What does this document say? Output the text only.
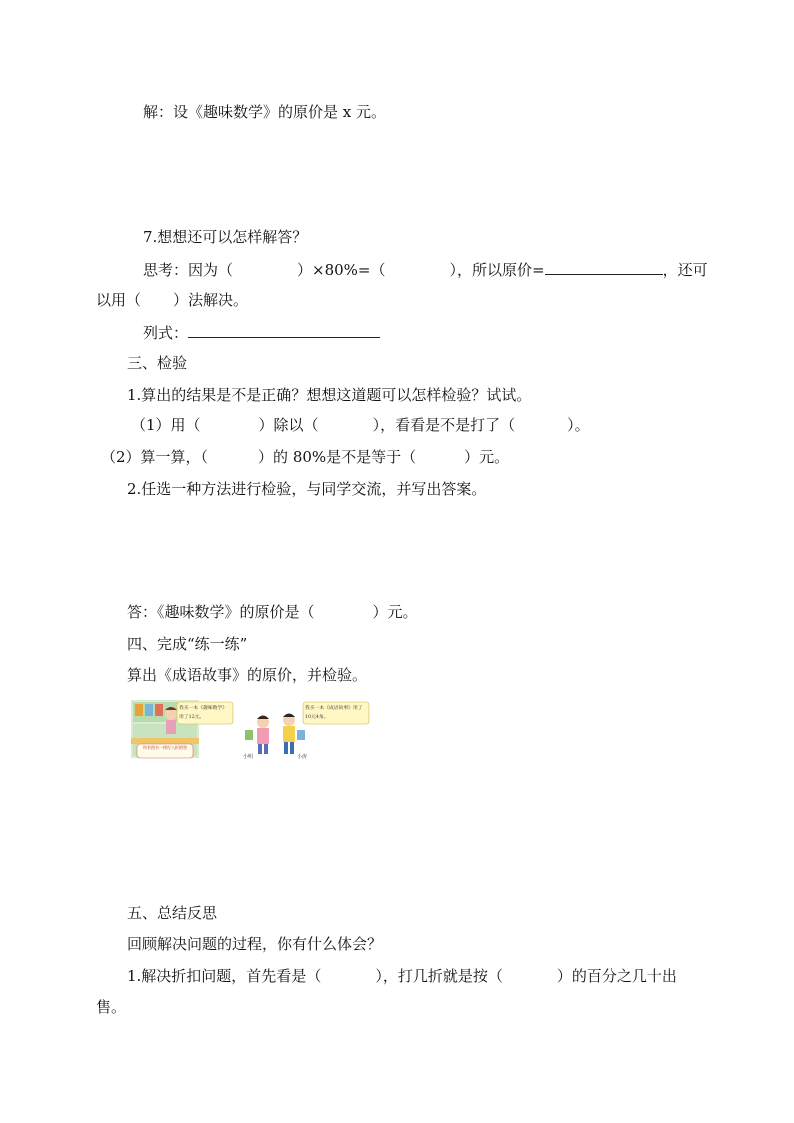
解：设《趣味数学》的原价是 x 元。
7.想想还可以怎样解答？
思考：因为（	）×80%=（	），所以原价=	，还可
以用（ ）法解决。
列式：
三、检验
1.算出的结果是不是正确？想想这道题可以怎样检验？试试。
（1）用（	）除以（	），看看是不是打了（	）。
（2）算一算，（	）的 80%是不是等于（	）元。
2.任选一种方法进行检验，与同学交流，并写出答案。
答：《趣味数学》的原价是（	）元。
四、完成“练一练”
算出《成语故事》的原价，并检验。
我买一本《趣味数学》用了12元。
我买一本《成语故事》用了10元4角。
所有图书一律打八折销售
小明	小涛
五、总结反思
回顾解决问题的过程，你有什么体会？
1.解决折扣问题，首先看是（	），打几折就是按（	）的百分之几十出
售。
